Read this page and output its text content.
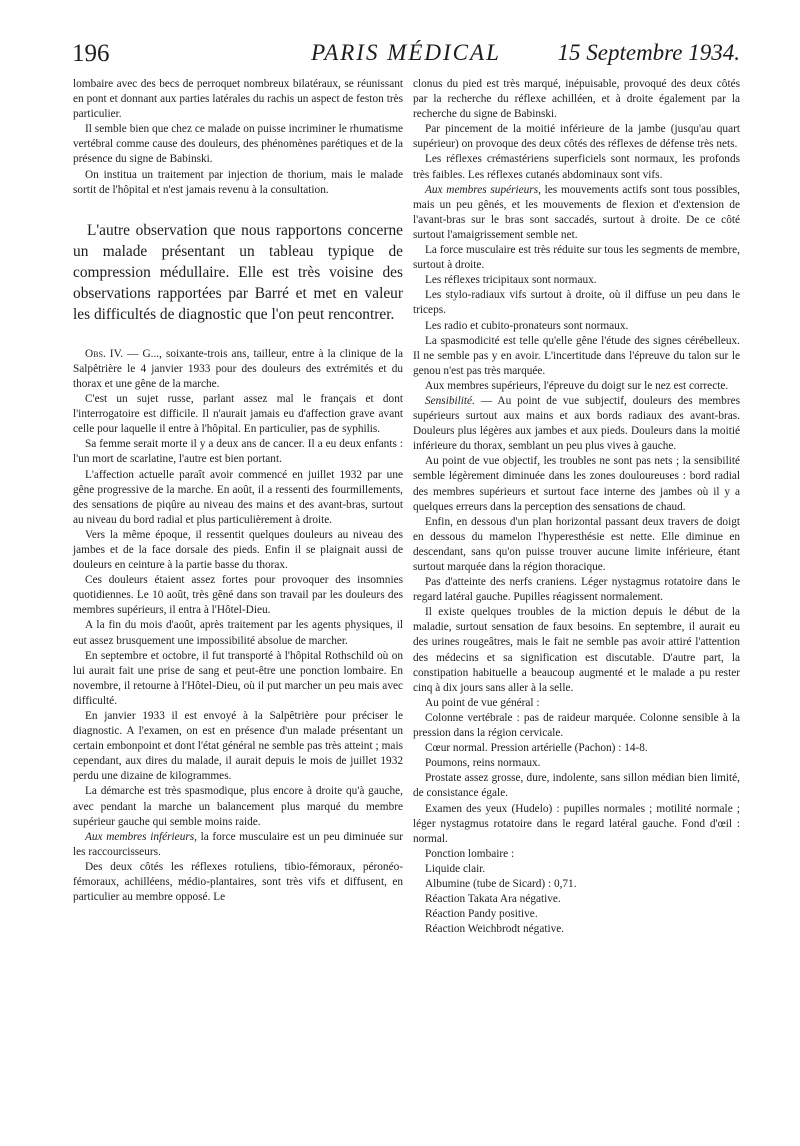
196	PARIS MÉDICAL	15 Septembre 1934.

lombaire avec des becs de perroquet nombreux bilatéraux, se réunissant en pont et donnant aux parties latérales du rachis un aspect de feston très particulier.

Il semble bien que chez ce malade on puisse incriminer le rhumatisme vertébral comme cause des douleurs, des phénomènes parétiques et de la présence du signe de Babinski.

On institua un traitement par injection de thorium, mais le malade sortit de l'hôpital et n'est jamais revenu à la consultation.

L'autre observation que nous rapportons concerne un malade présentant un tableau typique de compression médullaire. Elle est très voisine des observations rapportées par Barré et met en valeur les difficultés de diagnostic que l'on peut rencontrer.

Obs. IV. — G..., soixante-trois ans, tailleur, entre à la clinique de la Salpêtrière le 4 janvier 1933 pour des douleurs des extrémités et du thorax et une gêne de la marche.

C'est un sujet russe, parlant assez mal le français et dont l'interrogatoire est difficile. Il n'aurait jamais eu d'affection grave avant celle pour laquelle il entre à l'hôpital. En particulier, pas de syphilis.

Sa femme serait morte il y a deux ans de cancer. Il a eu deux enfants : l'un mort de scarlatine, l'autre est bien portant.

L'affection actuelle paraît avoir commencé en juillet 1932 par une gêne progressive de la marche. En août, il a ressenti des fourmillements, des sensations de piqûre au niveau des mains et des avant-bras, surtout au niveau du bord radial et plus particulièrement à droite.

Vers la même époque, il ressentit quelques douleurs au niveau des jambes et de la face dorsale des pieds. Enfin il se plaignait aussi de douleurs en ceinture à la partie basse du thorax.

Ces douleurs étaient assez fortes pour provoquer des insomnies quotidiennes. Le 10 août, très gêné dans son travail par les douleurs des membres supérieurs, il entra à l'Hôtel-Dieu.

A la fin du mois d'août, après traitement par les agents physiques, il eut assez brusquement une impossibilité absolue de marcher.

En septembre et octobre, il fut transporté à l'hôpital Rothschild où on lui aurait fait une prise de sang et peut-être une ponction lombaire. En novembre, il retourne à l'Hôtel-Dieu, où il put marcher un peu mais avec difficulté.

En janvier 1933 il est envoyé à la Salpêtrière pour préciser le diagnostic. A l'examen, on est en présence d'un malade présentant un certain embonpoint et dont l'état général ne semble pas très atteint ; mais cependant, aux dires du malade, il aurait depuis le mois de juillet 1932 perdu une dizaine de kilogrammes.

La démarche est très spasmodique, plus encore à droite qu'à gauche, avec pendant la marche un balancement plus marqué du membre supérieur gauche qui semble moins raide.

Aux membres inférieurs, la force musculaire est un peu diminuée sur les raccourcisseurs.

Des deux côtés les réflexes rotuliens, tibio-fémoraux, péronéo-fémoraux, achilléens, médio-plantaires, sont très vifs et diffusent, en particulier au membre opposé. Le

clonus du pied est très marqué, inépuisable, provoqué des deux côtés par la recherche du réflexe achilléen, et à droite également par la recherche du signe de Babinski.

Par pincement de la moitié inférieure de la jambe (jusqu'au quart supérieur) on provoque des deux côtés des réflexes de défense très nets.

Les réflexes crémastériens superficiels sont normaux, les profonds très faibles. Les réflexes cutanés abdominaux sont vifs.

Aux membres supérieurs, les mouvements actifs sont tous possibles, mais un peu gênés, et les mouvements de flexion et d'extension de l'avant-bras sur le bras sont saccadés, surtout à droite. De ce côté surtout l'amaigrissement semble net.

La force musculaire est très réduite sur tous les segments de membre, surtout à droite.

Les réflexes tricipitaux sont normaux.

Les stylo-radiaux vifs surtout à droite, où il diffuse un peu dans le triceps.

Les radio et cubito-pronateurs sont normaux.

La spasmodicité est telle qu'elle gêne l'étude des signes cérébelleux. Il ne semble pas y en avoir. L'incertitude dans l'épreuve du talon sur le genou n'est pas très marquée.

Aux membres supérieurs, l'épreuve du doigt sur le nez est correcte.

Sensibilité. — Au point de vue subjectif, douleurs des membres supérieurs surtout aux mains et aux bords radiaux des avant-bras. Douleurs plus légères aux jambes et aux pieds. Douleurs dans la moitié inférieure du thorax, semblant un peu plus vives à gauche.

Au point de vue objectif, les troubles ne sont pas nets ; la sensibilité semble légèrement diminuée dans les zones douloureuses : bord radial des membres supérieurs et surtout face interne des jambes où il y a quelques erreurs dans la perception des sensations de chaud.

Enfin, en dessous d'un plan horizontal passant deux travers de doigt en dessous du mamelon l'hyperesthésie est nette. Elle diminue en descendant, sans qu'on puisse trouver aucune limite inférieure, étant surtout marquée dans la région thoracique.

Pas d'atteinte des nerfs craniens. Léger nystagmus rotatoire dans le regard latéral gauche. Pupilles réagissent normalement.

Il existe quelques troubles de la miction depuis le début de la maladie, surtout sensation de faux besoins. En septembre, il aurait eu des urines rougeâtres, mais le fait ne semble pas avoir attiré l'attention des médecins et sa signification est discutable. D'autre part, la constipation habituelle a beaucoup augmenté et le malade a pu rester cinq à dix jours sans aller à la selle.

Au point de vue général :

Colonne vertébrale : pas de raideur marquée. Colonne sensible à la pression dans la région cervicale.

Cœur normal. Pression artérielle (Pachon) : 14-8.

Poumons, reins normaux.

Prostate assez grosse, dure, indolente, sans sillon médian bien limité, de consistance égale.

Examen des yeux (Hudelo) : pupilles normales ; motilité normale ; léger nystagmus rotatoire dans le regard latéral gauche. Fond d'œil : normal.

Ponction lombaire :

Liquide clair.

Albumine (tube de Sicard) : 0,71.

Réaction Takata Ara négative.

Réaction Pandy positive.

Réaction Weichbrodt négative.
